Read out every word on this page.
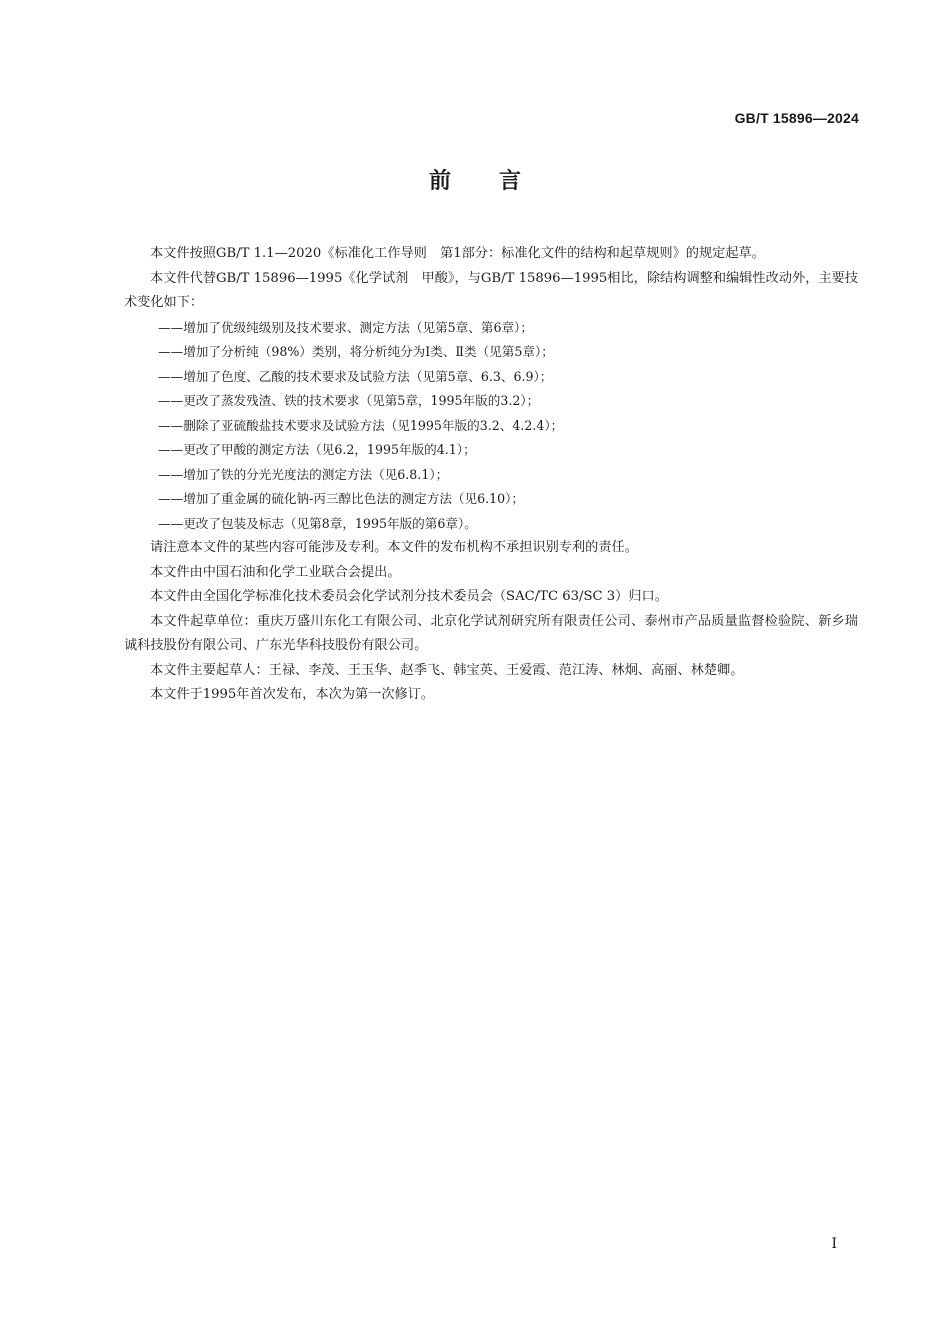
GB/T 15896—2024
前言

本文件按照GB/T 1.1—2020《标准化工作导则　第1部分：标准化文件的结构和起草规则》的规定起草。

本文件代替GB/T 15896—1995《化学试剂　甲酸》，与GB/T 15896—1995相比，除结构调整和编辑性改动外，主要技术变化如下：

——增加了优级纯级别及技术要求、测定方法（见第5章、第6章）；

——增加了分析纯（98%）类别，将分析纯分为Ⅰ类、Ⅱ类（见第5章）；

——增加了色度、乙酸的技术要求及试验方法（见第5章、6.3、6.9）；

——更改了蒸发残渣、铁的技术要求（见第5章，1995年版的3.2）；

——删除了亚硫酸盐技术要求及试验方法（见1995年版的3.2、4.2.4）；

——更改了甲酸的测定方法（见6.2，1995年版的4.1）；

——增加了铁的分光光度法的测定方法（见6.8.1）；

——增加了重金属的硫化钠-丙三醇比色法的测定方法（见6.10）；

——更改了包装及标志（见第8章，1995年版的第6章）。

请注意本文件的某些内容可能涉及专利。本文件的发布机构不承担识别专利的责任。

本文件由中国石油和化学工业联合会提出。

本文件由全国化学标准化技术委员会化学试剂分技术委员会（SAC/TC 63/SC 3）归口。

本文件起草单位：重庆万盛川东化工有限公司、北京化学试剂研究所有限责任公司、泰州市产品质量监督检验院、新乡瑞诚科技股份有限公司、广东光华科技股份有限公司。

本文件主要起草人：王禄、李茂、王玉华、赵季飞、韩宝英、王爱霞、范江涛、林炯、高丽、林楚卿。

本文件于1995年首次发布，本次为第一次修订。

I
